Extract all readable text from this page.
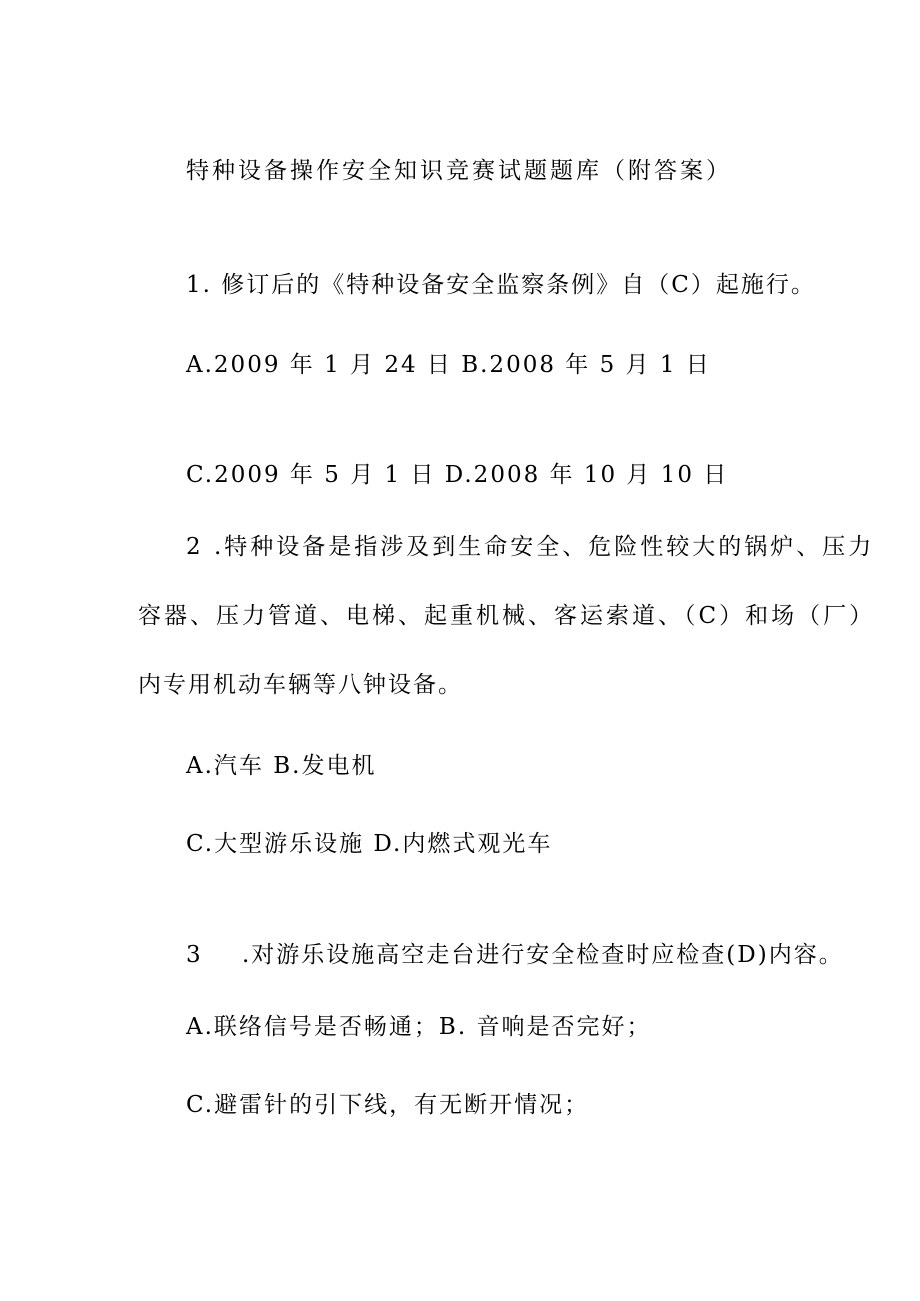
特种设备操作安全知识竞赛试题题库（附答案）
1. 修订后的《特种设备安全监察条例》自（C）起施行。
A.2009 年 1 月 24 日 B.2008 年 5 月 1 日
C.2009 年 5 月 1 日 D.2008 年 10 月 10 日
2 .特种设备是指涉及到生命安全、危险性较大的锅炉、压力
容器、压力管道、电梯、起重机械、客运索道、（C）和场（厂）
内专用机动车辆等八钟设备。
A.汽车 B.发电机
C.大型游乐设施 D.内燃式观光车
3 .对游乐设施高空走台进行安全检查时应检查(D)内容。
A.联络信号是否畅通；B. 音响是否完好；
C.避雷针的引下线，有无断开情况；
